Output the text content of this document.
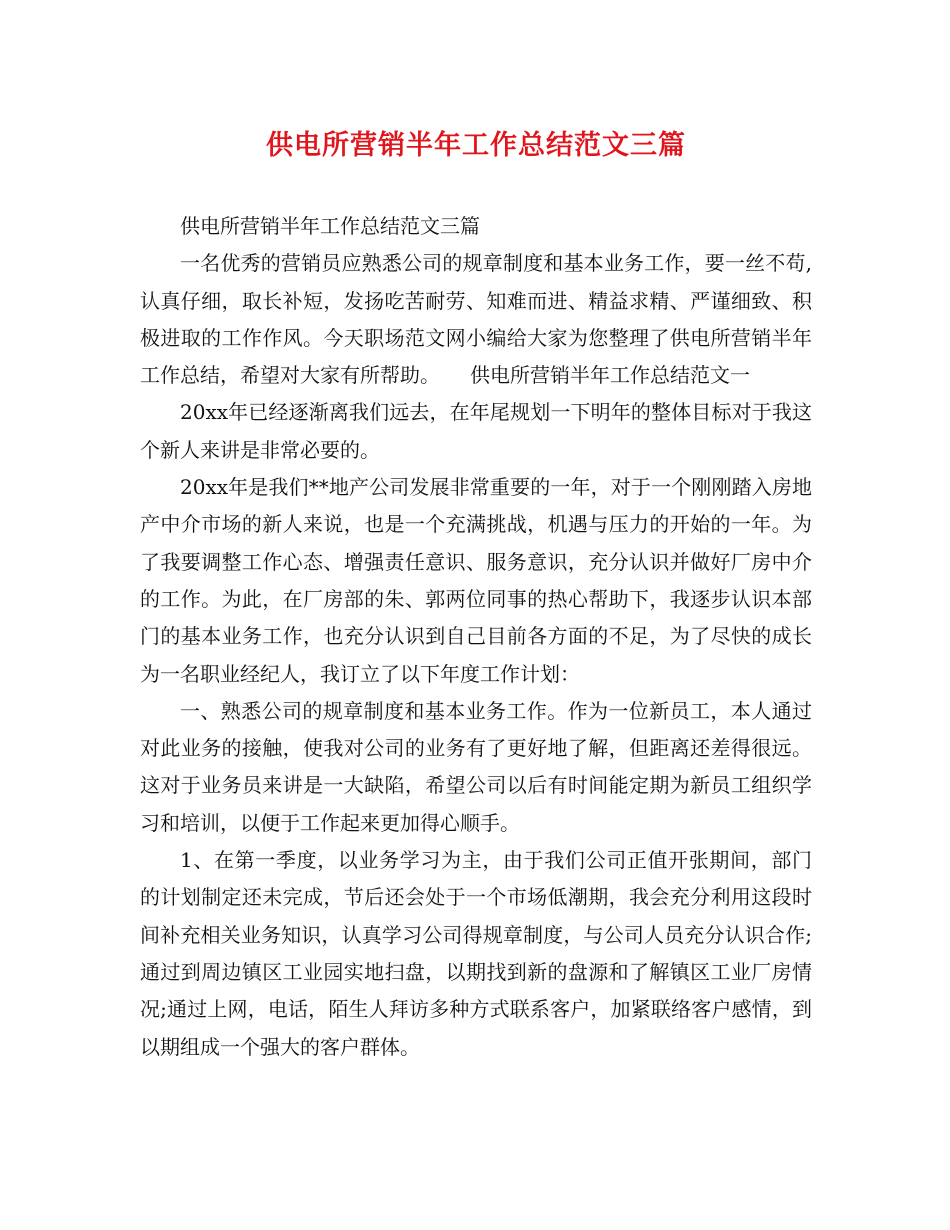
供电所营销半年工作总结范文三篇

供电所营销半年工作总结范文三篇

一名优秀的营销员应熟悉公司的规章制度和基本业务工作，要一丝不苟,认真仔细，取长补短，发扬吃苦耐劳、知难而进、精益求精、严谨细致、积极进取的工作作风。今天职场范文网小编给大家为您整理了供电所营销半年工作总结，希望对大家有所帮助。　　供电所营销半年工作总结范文一

20xx年已经逐渐离我们远去，在年尾规划一下明年的整体目标对于我这个新人来讲是非常必要的。

20xx年是我们**地产公司发展非常重要的一年，对于一个刚刚踏入房地产中介市场的新人来说，也是一个充满挑战，机遇与压力的开始的一年。为了我要调整工作心态、增强责任意识、服务意识，充分认识并做好厂房中介的工作。为此，在厂房部的朱、郭两位同事的热心帮助下，我逐步认识本部门的基本业务工作，也充分认识到自己目前各方面的不足，为了尽快的成长为一名职业经纪人，我订立了以下年度工作计划：

一、熟悉公司的规章制度和基本业务工作。作为一位新员工，本人通过对此业务的接触，使我对公司的业务有了更好地了解，但距离还差得很远。这对于业务员来讲是一大缺陷，希望公司以后有时间能定期为新员工组织学习和培训，以便于工作起来更加得心顺手。

1、在第一季度，以业务学习为主，由于我们公司正值开张期间，部门的计划制定还未完成，节后还会处于一个市场低潮期，我会充分利用这段时间补充相关业务知识，认真学习公司得规章制度，与公司人员充分认识合作;通过到周边镇区工业园实地扫盘，以期找到新的盘源和了解镇区工业厂房情况;通过上网，电话，陌生人拜访多种方式联系客户，加紧联络客户感情，到以期组成一个强大的客户群体。
